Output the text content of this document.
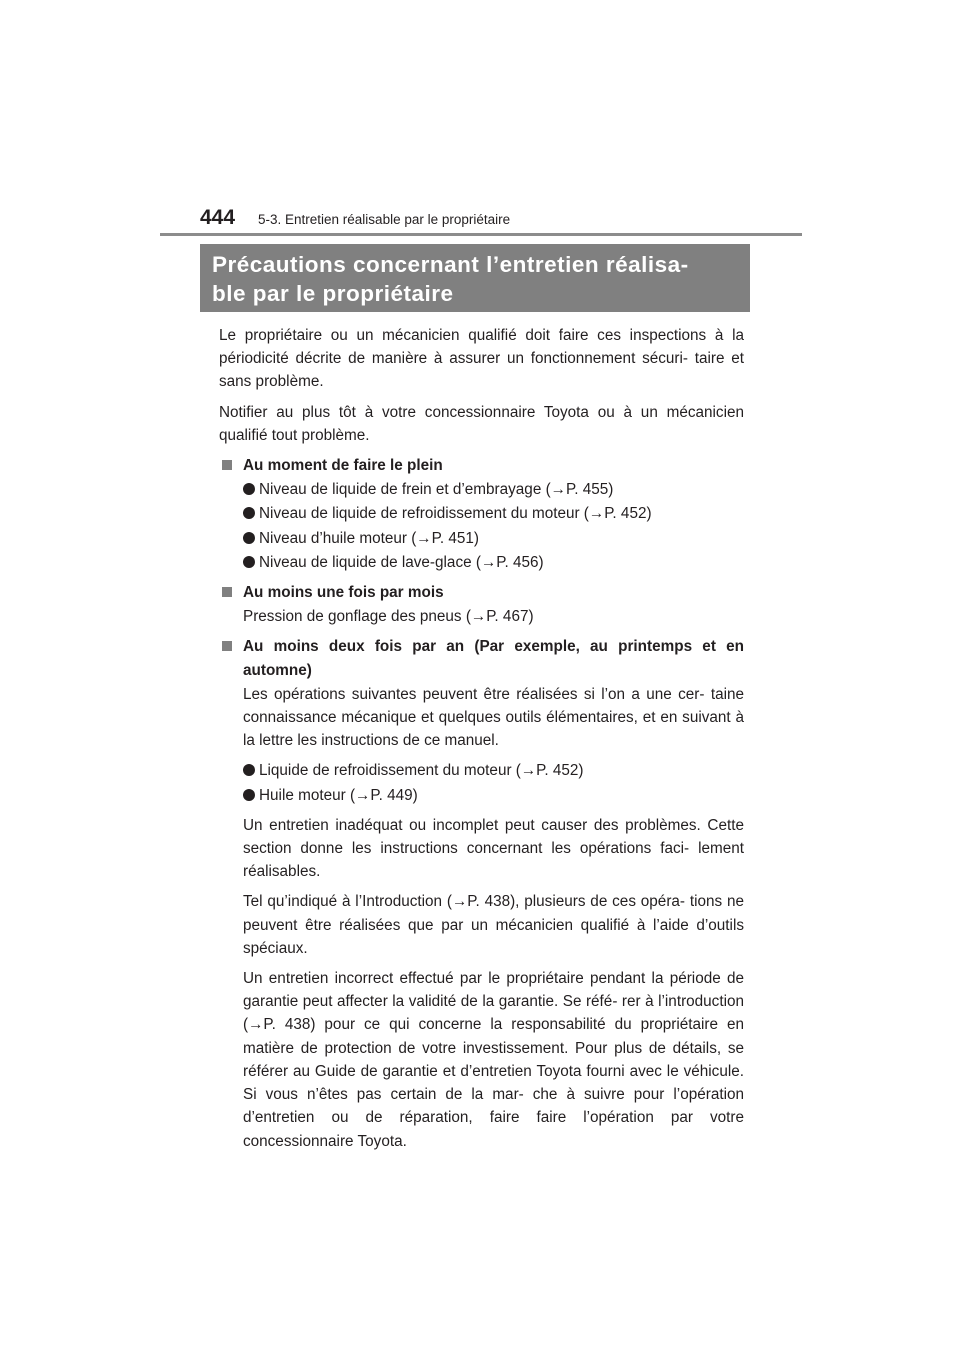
444 5-3. Entretien réalisable par le propriétaire
Précautions concernant l’entretien réalisa-
ble par le propriétaire

Le propriétaire ou un mécanicien qualifié doit faire ces inspections à la périodicité décrite de manière à assurer un fonctionnement sécuri- taire et sans problème.

Notifier au plus tôt à votre concessionnaire Toyota ou à un mécanicien qualifié tout problème.

Au moment de faire le plein
Niveau de liquide de frein et d’embrayage (→P. 455)
Niveau de liquide de refroidissement du moteur (→P. 452)
Niveau d’huile moteur (→P. 451)
Niveau de liquide de lave-glace (→P. 456)
Au moins une fois par mois

Pression de gonflage des pneus (→P. 467)

Au moins deux fois par an (Par exemple, au printemps et en automne)

Les opérations suivantes peuvent être réalisées si l’on a une cer- taine connaissance mécanique et quelques outils élémentaires, et en suivant à la lettre les instructions de ce manuel.

Liquide de refroidissement du moteur (→P. 452)
Huile moteur (→P. 449)

Un entretien inadéquat ou incomplet peut causer des problèmes. Cette section donne les instructions concernant les opérations faci- lement réalisables.

Tel qu’indiqué à l’Introduction (→P. 438), plusieurs de ces opéra- tions ne peuvent être réalisées que par un mécanicien qualifié à l’aide d’outils spéciaux.

Un entretien incorrect effectué par le propriétaire pendant la période de garantie peut affecter la validité de la garantie. Se réfé- rer à l’introduction (→P. 438) pour ce qui concerne la responsabilité du propriétaire en matière de protection de votre investissement. Pour plus de détails, se référer au Guide de garantie et d’entretien Toyota fourni avec le véhicule. Si vous n’êtes pas certain de la mar- che à suivre pour l’opération d’entretien ou de réparation, faire faire l’opération par votre concessionnaire Toyota.
